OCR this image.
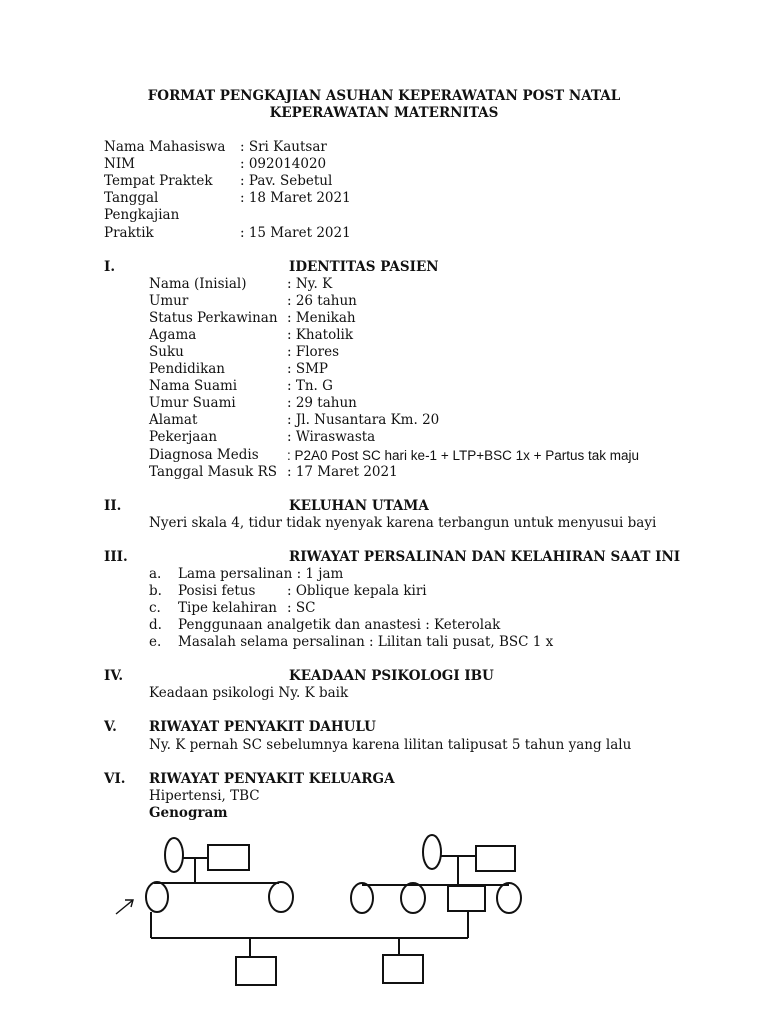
FORMAT PENGKAJIAN ASUHAN KEPERAWATAN POST NATAL
KEPERAWATAN MATERNITAS
Nama Mahasiswa : Sri Kautsar
NIM	: 092014020
Tempat Praktek : Pav. Sebetul
Tanggal	: 18 Maret 2021
Pengkajian
Praktik	: 15 Maret 2021
I.	IDENTITAS PASIEN
Nama (Inisial)	: Ny. K
Umur	: 26 tahun
Status Perkawinan : Menikah
Agama	: Khatolik
Suku	: Flores
Pendidikan	: SMP
Nama Suami	: Tn. G
Umur Suami	: 29 tahun
Alamat	: Jl. Nusantara Km. 20
Pekerjaan	: Wiraswasta
Diagnosa Medis : P2A0 Post SC hari ke-1 + LTP+BSC 1x + Partus tak maju
Tanggal Masuk RS : 17 Maret 2021
II.	KELUHAN UTAMA
Nyeri skala 4, tidur tidak nyenyak karena terbangun untuk menyusui bayi
III.	RIWAYAT PERSALINAN DAN KELAHIRAN SAAT INI
a. Lama persalinan : 1 jam
b. Posisi fetus : Oblique kepala kiri
c. Tipe kelahiran : SC
d. Penggunaan analgetik dan anastesi : Keterolak
e. Masalah selama persalinan : Lilitan tali pusat, BSC 1 x
IV.	KEADAAN PSIKOLOGI IBU
Keadaan psikologi Ny. K baik
V. RIWAYAT PENYAKIT DAHULU
Ny. K pernah SC sebelumnya karena lilitan talipusat 5 tahun yang lalu
VI. RIWAYAT PENYAKIT KELUARGA
Hipertensi, TBC
Genogram
